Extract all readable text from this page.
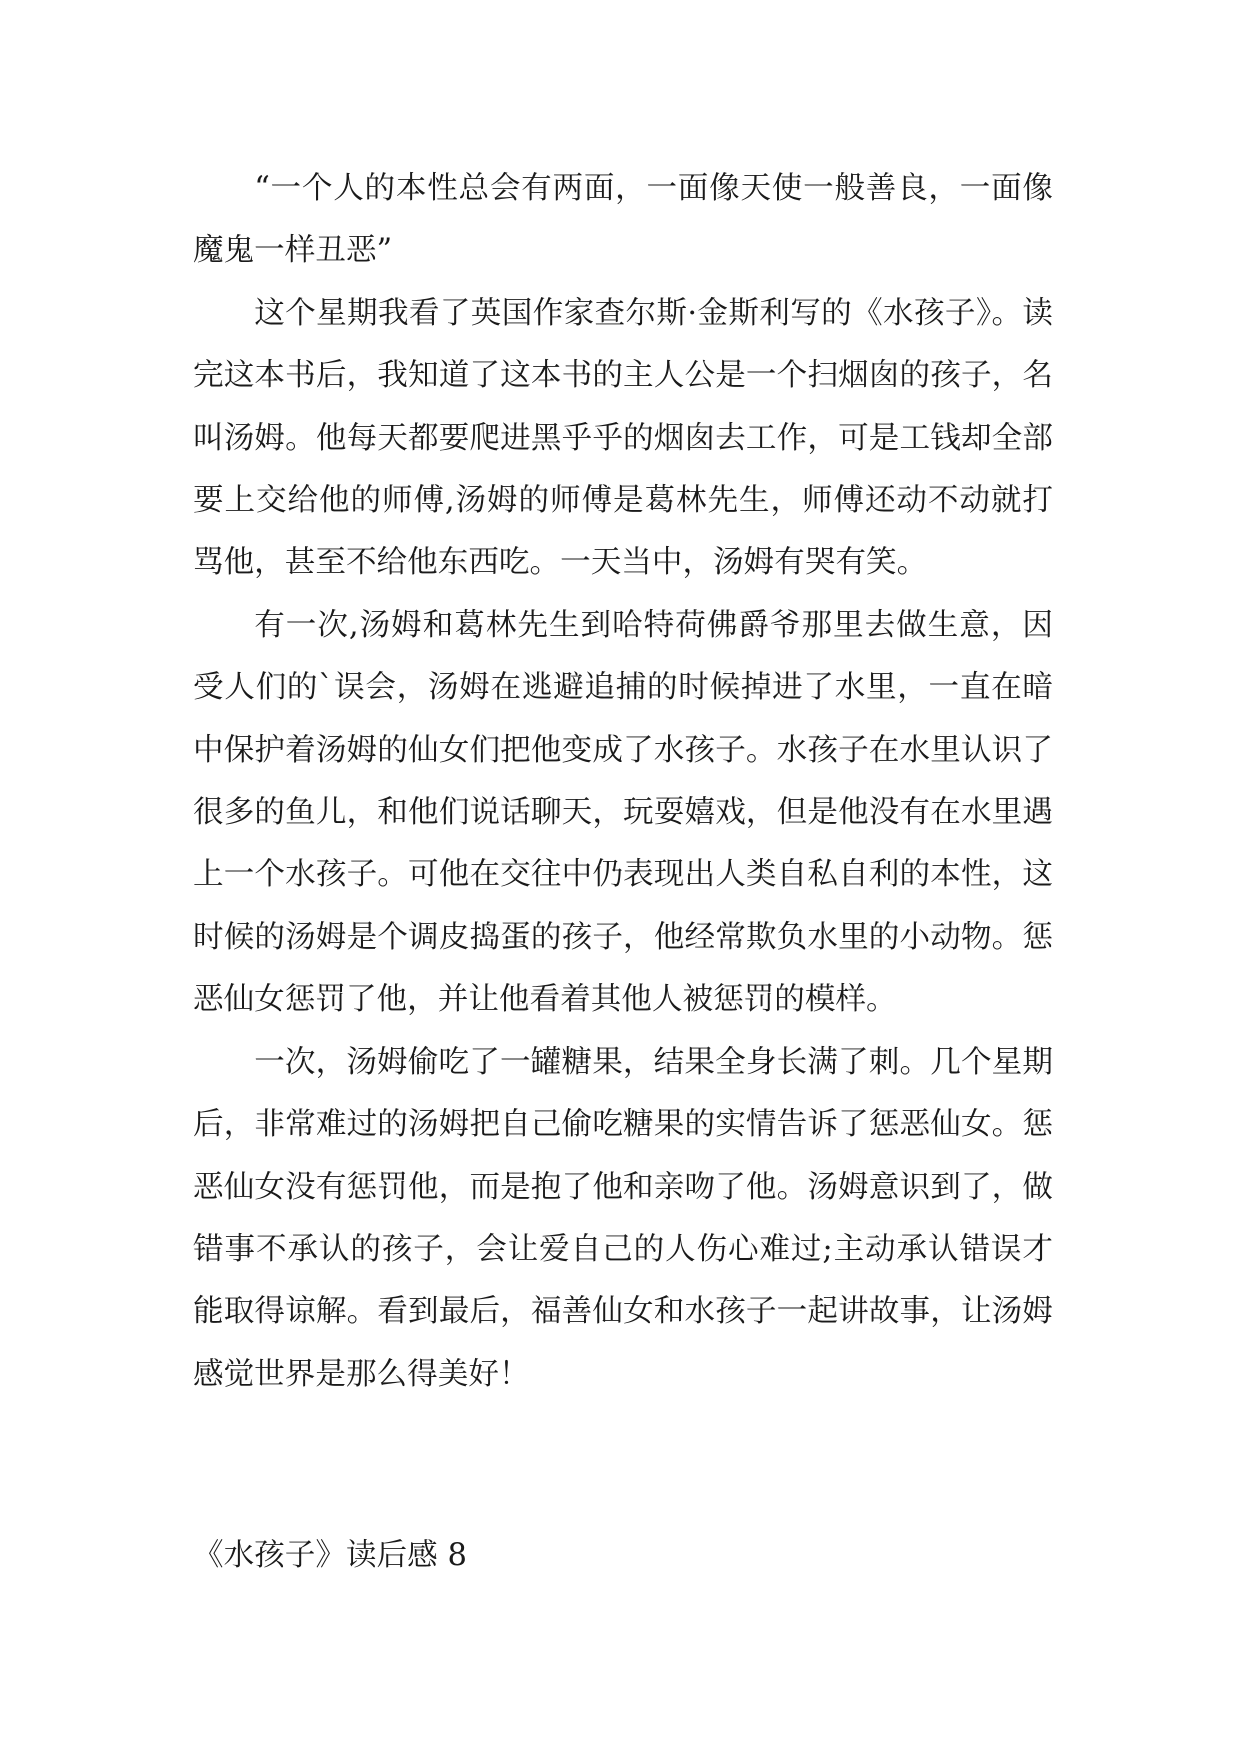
“一个人的本性总会有两面，一面像天使一般善良，一面像魔鬼一样丑恶”

这个星期我看了英国作家查尔斯·金斯利写的《水孩子》。读完这本书后，我知道了这本书的主人公是一个扫烟囱的孩子，名叫汤姆。他每天都要爬进黑乎乎的烟囱去工作，可是工钱却全部要上交给他的师傅,汤姆的师傅是葛林先生，师傅还动不动就打骂他，甚至不给他东西吃。一天当中，汤姆有哭有笑。

有一次,汤姆和葛林先生到哈特荷佛爵爷那里去做生意，因受人们的`误会，汤姆在逃避追捕的时候掉进了水里，一直在暗中保护着汤姆的仙女们把他变成了水孩子。水孩子在水里认识了很多的鱼儿，和他们说话聊天，玩耍嬉戏，但是他没有在水里遇上一个水孩子。可他在交往中仍表现出人类自私自利的本性，这时候的汤姆是个调皮捣蛋的孩子，他经常欺负水里的小动物。惩恶仙女惩罚了他，并让他看着其他人被惩罚的模样。

一次，汤姆偷吃了一罐糖果，结果全身长满了刺。几个星期后，非常难过的汤姆把自己偷吃糖果的实情告诉了惩恶仙女。惩恶仙女没有惩罚他，而是抱了他和亲吻了他。汤姆意识到了，做错事不承认的孩子，会让爱自己的人伤心难过;主动承认错误才能取得谅解。看到最后，福善仙女和水孩子一起讲故事，让汤姆感觉世界是那么得美好！

《水孩子》读后感 8
